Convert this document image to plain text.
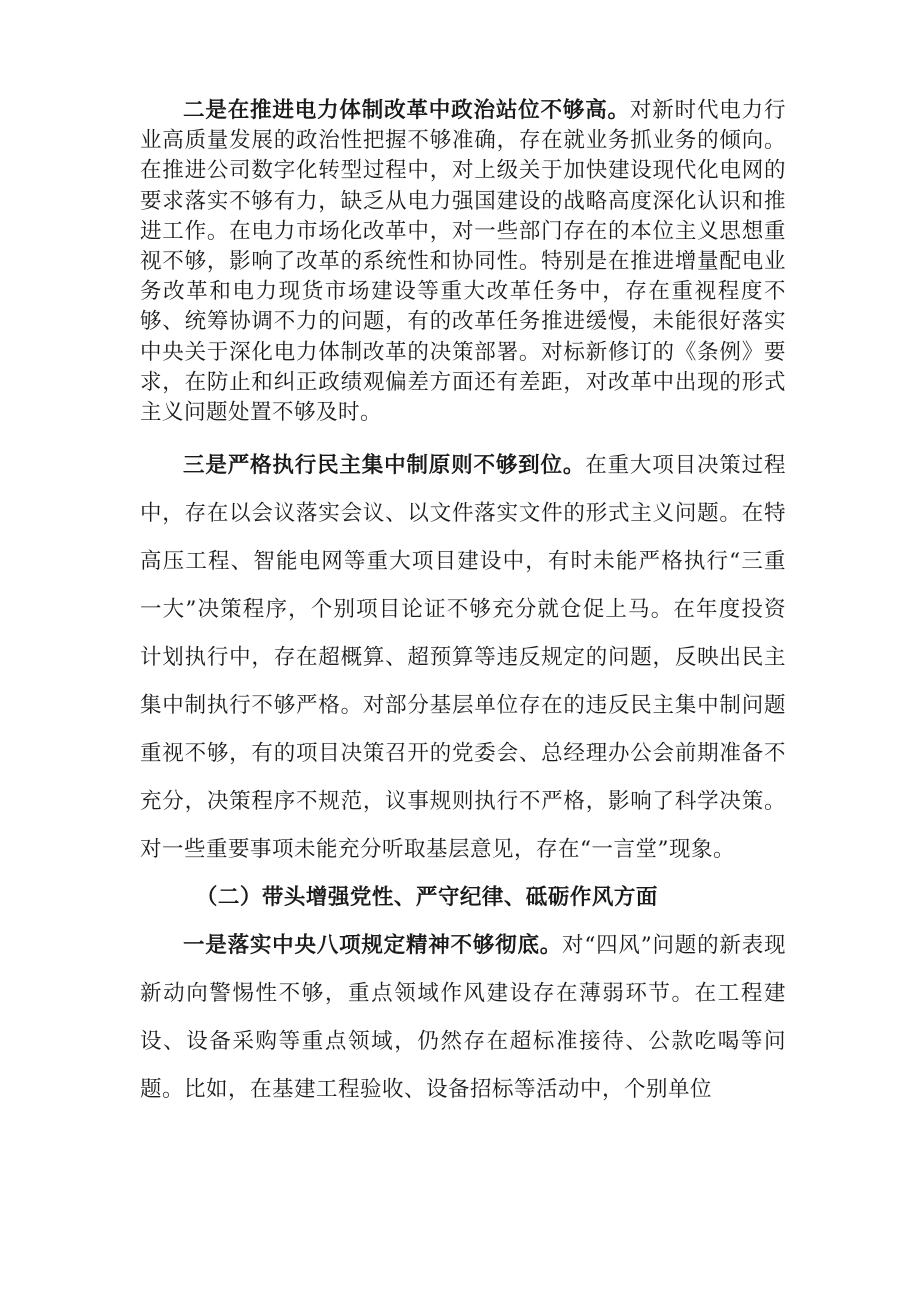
二是在推进电力体制改革中政治站位不够高。对新时代电力行业高质量发展的政治性把握不够准确，存在就业务抓业务的倾向。在推进公司数字化转型过程中，对上级关于加快建设现代化电网的要求落实不够有力，缺乏从电力强国建设的战略高度深化认识和推进工作。在电力市场化改革中，对一些部门存在的本位主义思想重视不够，影响了改革的系统性和协同性。特别是在推进增量配电业务改革和电力现货市场建设等重大改革任务中，存在重视程度不够、统筹协调不力的问题，有的改革任务推进缓慢，未能很好落实中央关于深化电力体制改革的决策部署。对标新修订的《条例》要求，在防止和纠正政绩观偏差方面还有差距，对改革中出现的形式主义问题处置不够及时。

三是严格执行民主集中制原则不够到位。在重大项目决策过程中，存在以会议落实会议、以文件落实文件的形式主义问题。在特高压工程、智能电网等重大项目建设中，有时未能严格执行“三重一大”决策程序，个别项目论证不够充分就仓促上马。在年度投资计划执行中，存在超概算、超预算等违反规定的问题，反映出民主集中制执行不够严格。对部分基层单位存在的违反民主集中制问题重视不够，有的项目决策召开的党委会、总经理办公会前期准备不充分，决策程序不规范，议事规则执行不严格，影响了科学决策。对一些重要事项未能充分听取基层意见，存在“一言堂”现象。

（二）带头增强党性、严守纪律、砥砺作风方面

一是落实中央八项规定精神不够彻底。对“四风”问题的新表现新动向警惕性不够，重点领域作风建设存在薄弱环节。在工程建设、设备采购等重点领域，仍然存在超标准接待、公款吃喝等问题。比如，在基建工程验收、设备招标等活动中，个别单位
